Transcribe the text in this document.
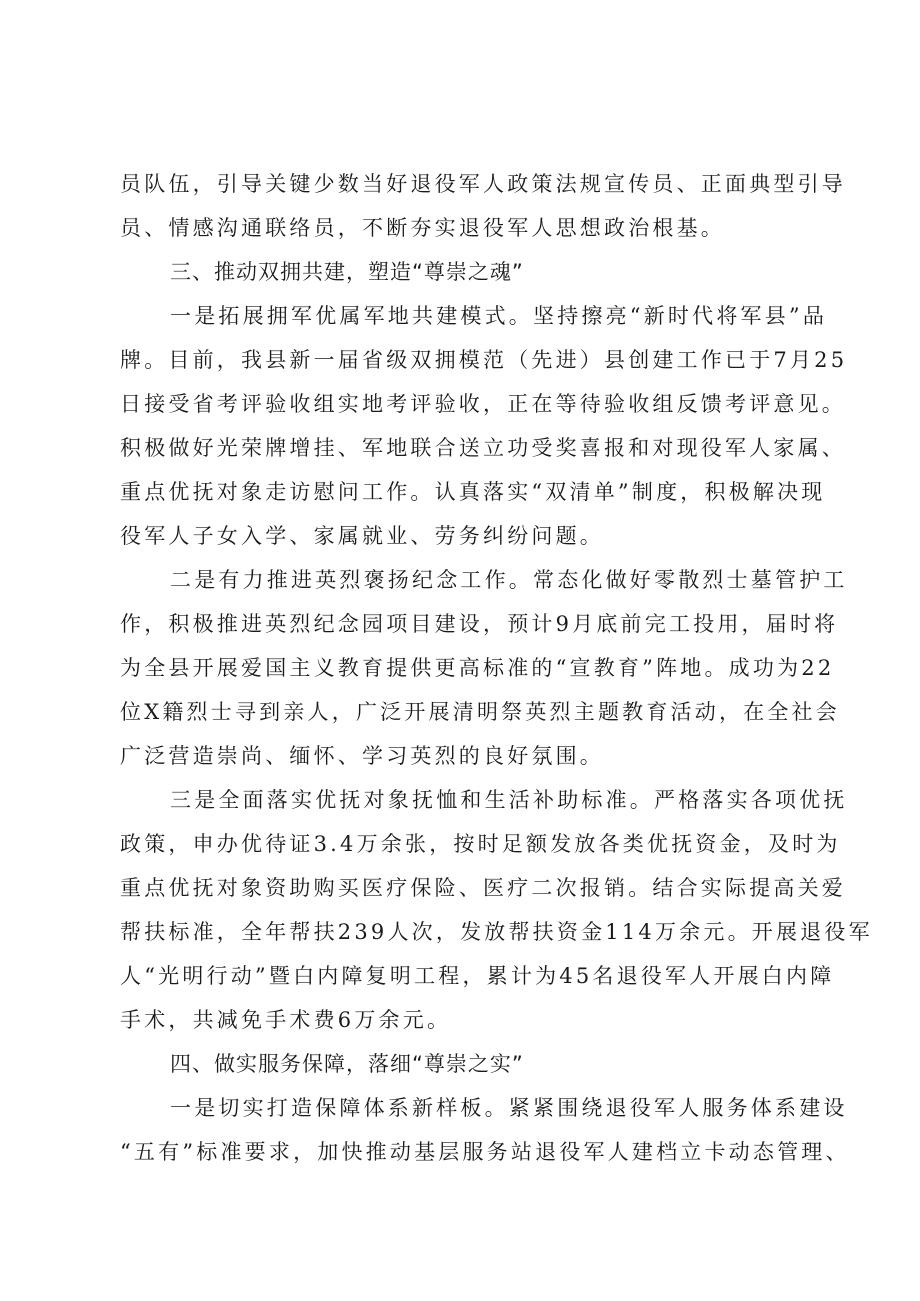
员队伍，引导关键少数当好退役军人政策法规宣传员、正面典型引导
员、情感沟通联络员，不断夯实退役军人思想政治根基。
三、推动双拥共建，塑造“尊崇之魂”
一是拓展拥军优属军地共建模式。坚持擦亮“新时代将军县”品
牌。目前，我县新一届省级双拥模范（先进）县创建工作已于7月25
日接受省考评验收组实地考评验收，正在等待验收组反馈考评意见。
积极做好光荣牌增挂、军地联合送立功受奖喜报和对现役军人家属、
重点优抚对象走访慰问工作。认真落实“双清单”制度，积极解决现
役军人子女入学、家属就业、劳务纠纷问题。
二是有力推进英烈褒扬纪念工作。常态化做好零散烈士墓管护工
作，积极推进英烈纪念园项目建设，预计9月底前完工投用，届时将
为全县开展爱国主义教育提供更高标准的“宣教育”阵地。成功为22
位X籍烈士寻到亲人，广泛开展清明祭英烈主题教育活动，在全社会
广泛营造崇尚、缅怀、学习英烈的良好氛围。
三是全面落实优抚对象抚恤和生活补助标准。严格落实各项优抚
政策，申办优待证3.4万余张，按时足额发放各类优抚资金，及时为
重点优抚对象资助购买医疗保险、医疗二次报销。结合实际提高关爱
帮扶标准，全年帮扶239人次，发放帮扶资金114万余元。开展退役军
人“光明行动”暨白内障复明工程，累计为45名退役军人开展白内障
手术，共减免手术费6万余元。
四、做实服务保障，落细“尊崇之实”
一是切实打造保障体系新样板。紧紧围绕退役军人服务体系建设
“五有”标准要求，加快推动基层服务站退役军人建档立卡动态管理、
